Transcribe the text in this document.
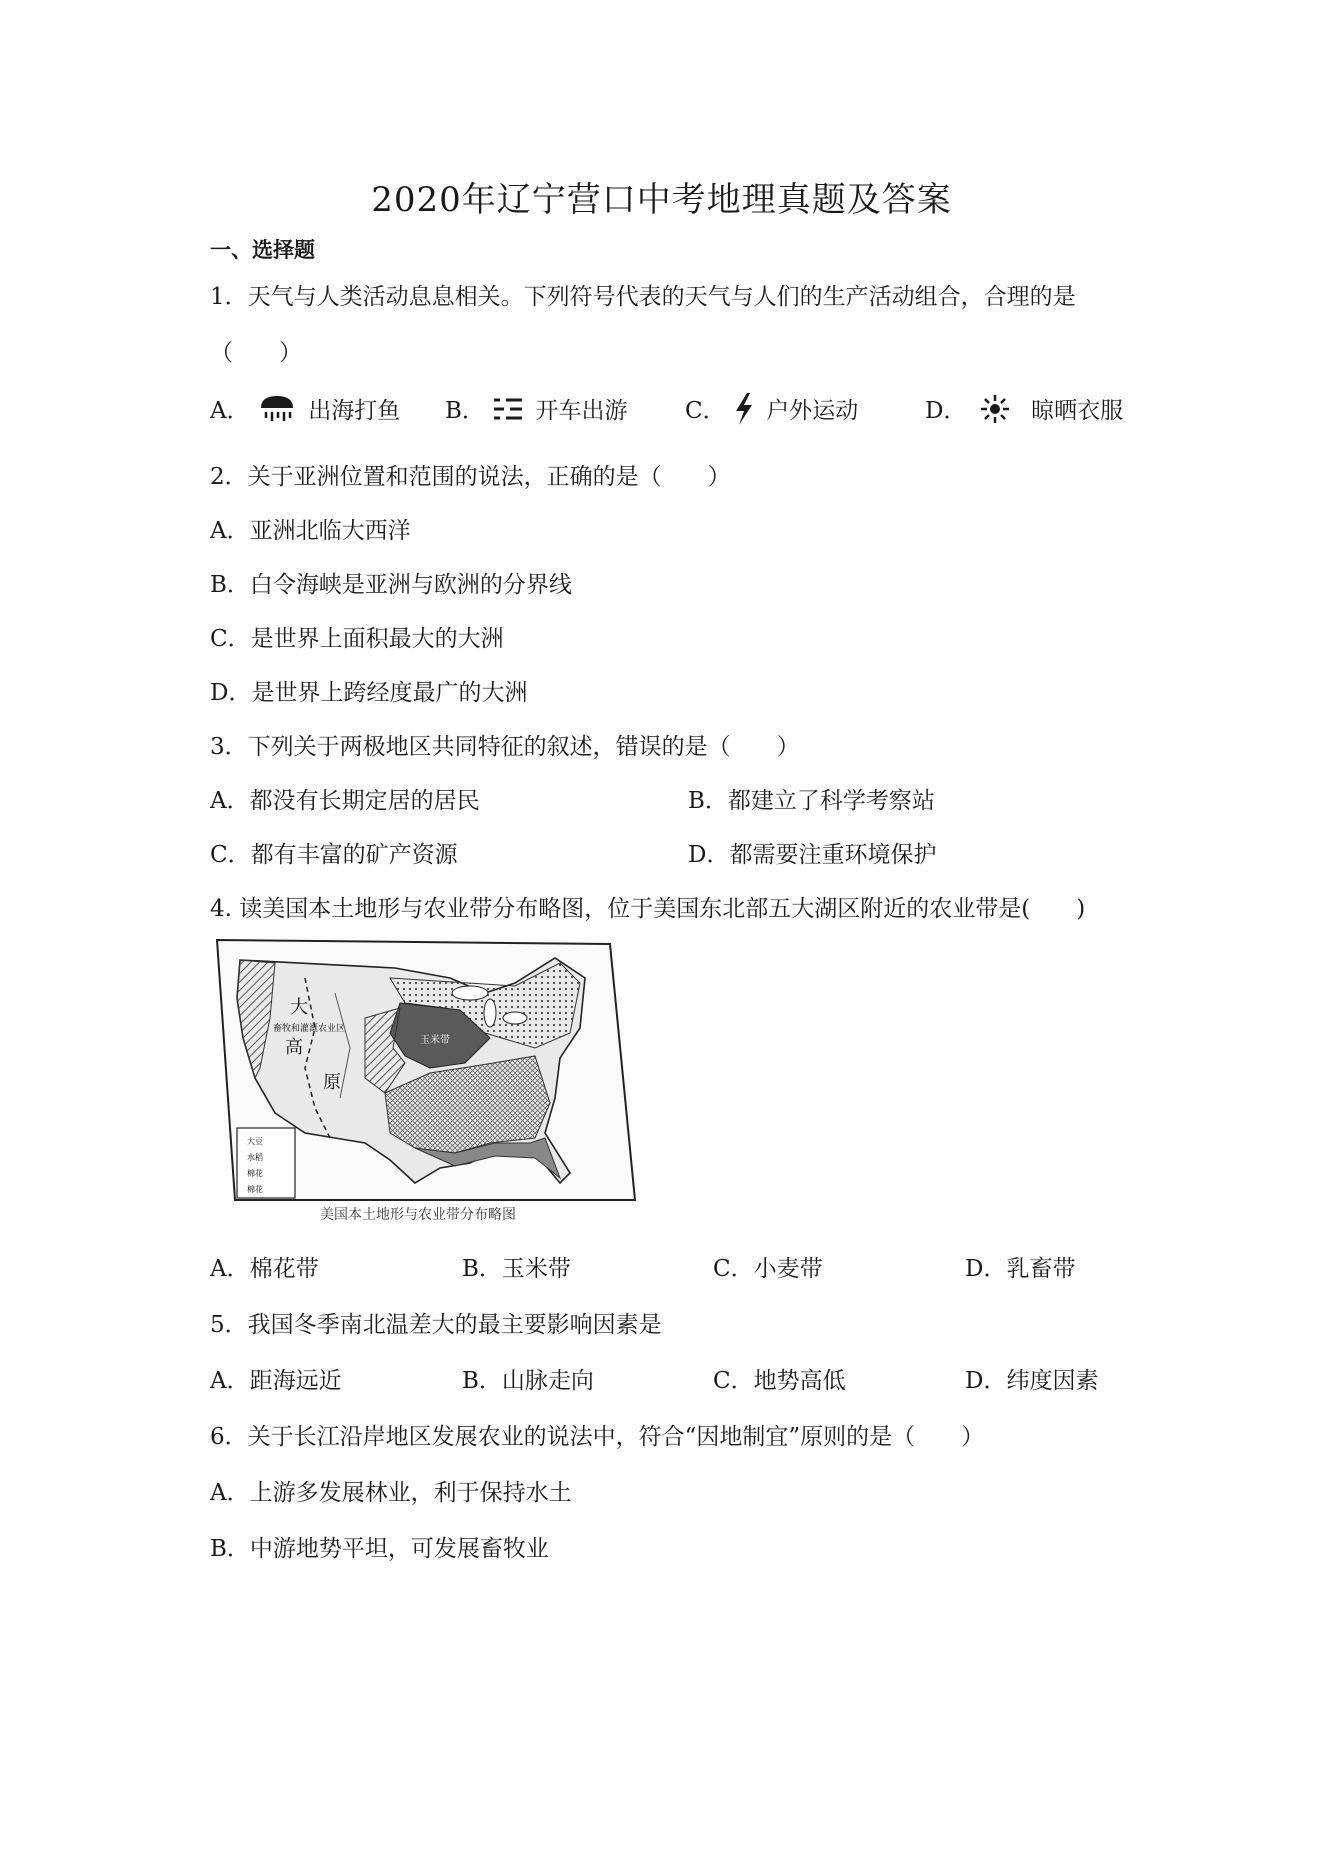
2020年辽宁营口中考地理真题及答案
一、选择题
1．天气与人类活动息息相关。下列符号代表的天气与人们的生产活动组合，合理的是
（　　）
A．	出海打鱼 B． 开车出游 C． 户外运动	D．	晾晒衣服
2．关于亚洲位置和范围的说法，正确的是（　　）
A．亚洲北临大西洋
B．白令海峡是亚洲与欧洲的分界线
C．是世界上面积最大的大洲
D．是世界上跨经度最广的大洲
3．下列关于两极地区共同特征的叙述，错误的是（　　）
A．都没有长期定居的居民	B．都建立了科学考察站
C．都有丰富的矿产资源	D．都需要注重环境保护
4. 读美国本土地形与农业带分布略图，位于美国东北部五大湖区附近的农业带是(　　)
大
高
原
畜牧和灌溉农业区
玉米带
大豆
水稻
棉花
棉花
美国本土地形与农业带分布略图
A．棉花带	B．玉米带	C．小麦带	D．乳畜带
5．我国冬季南北温差大的最主要影响因素是
A．距海远近	B．山脉走向	C．地势高低	D．纬度因素
6．关于长江沿岸地区发展农业的说法中，符合“因地制宜”原则的是（　　）
A．上游多发展林业，利于保持水土
B．中游地势平坦，可发展畜牧业
